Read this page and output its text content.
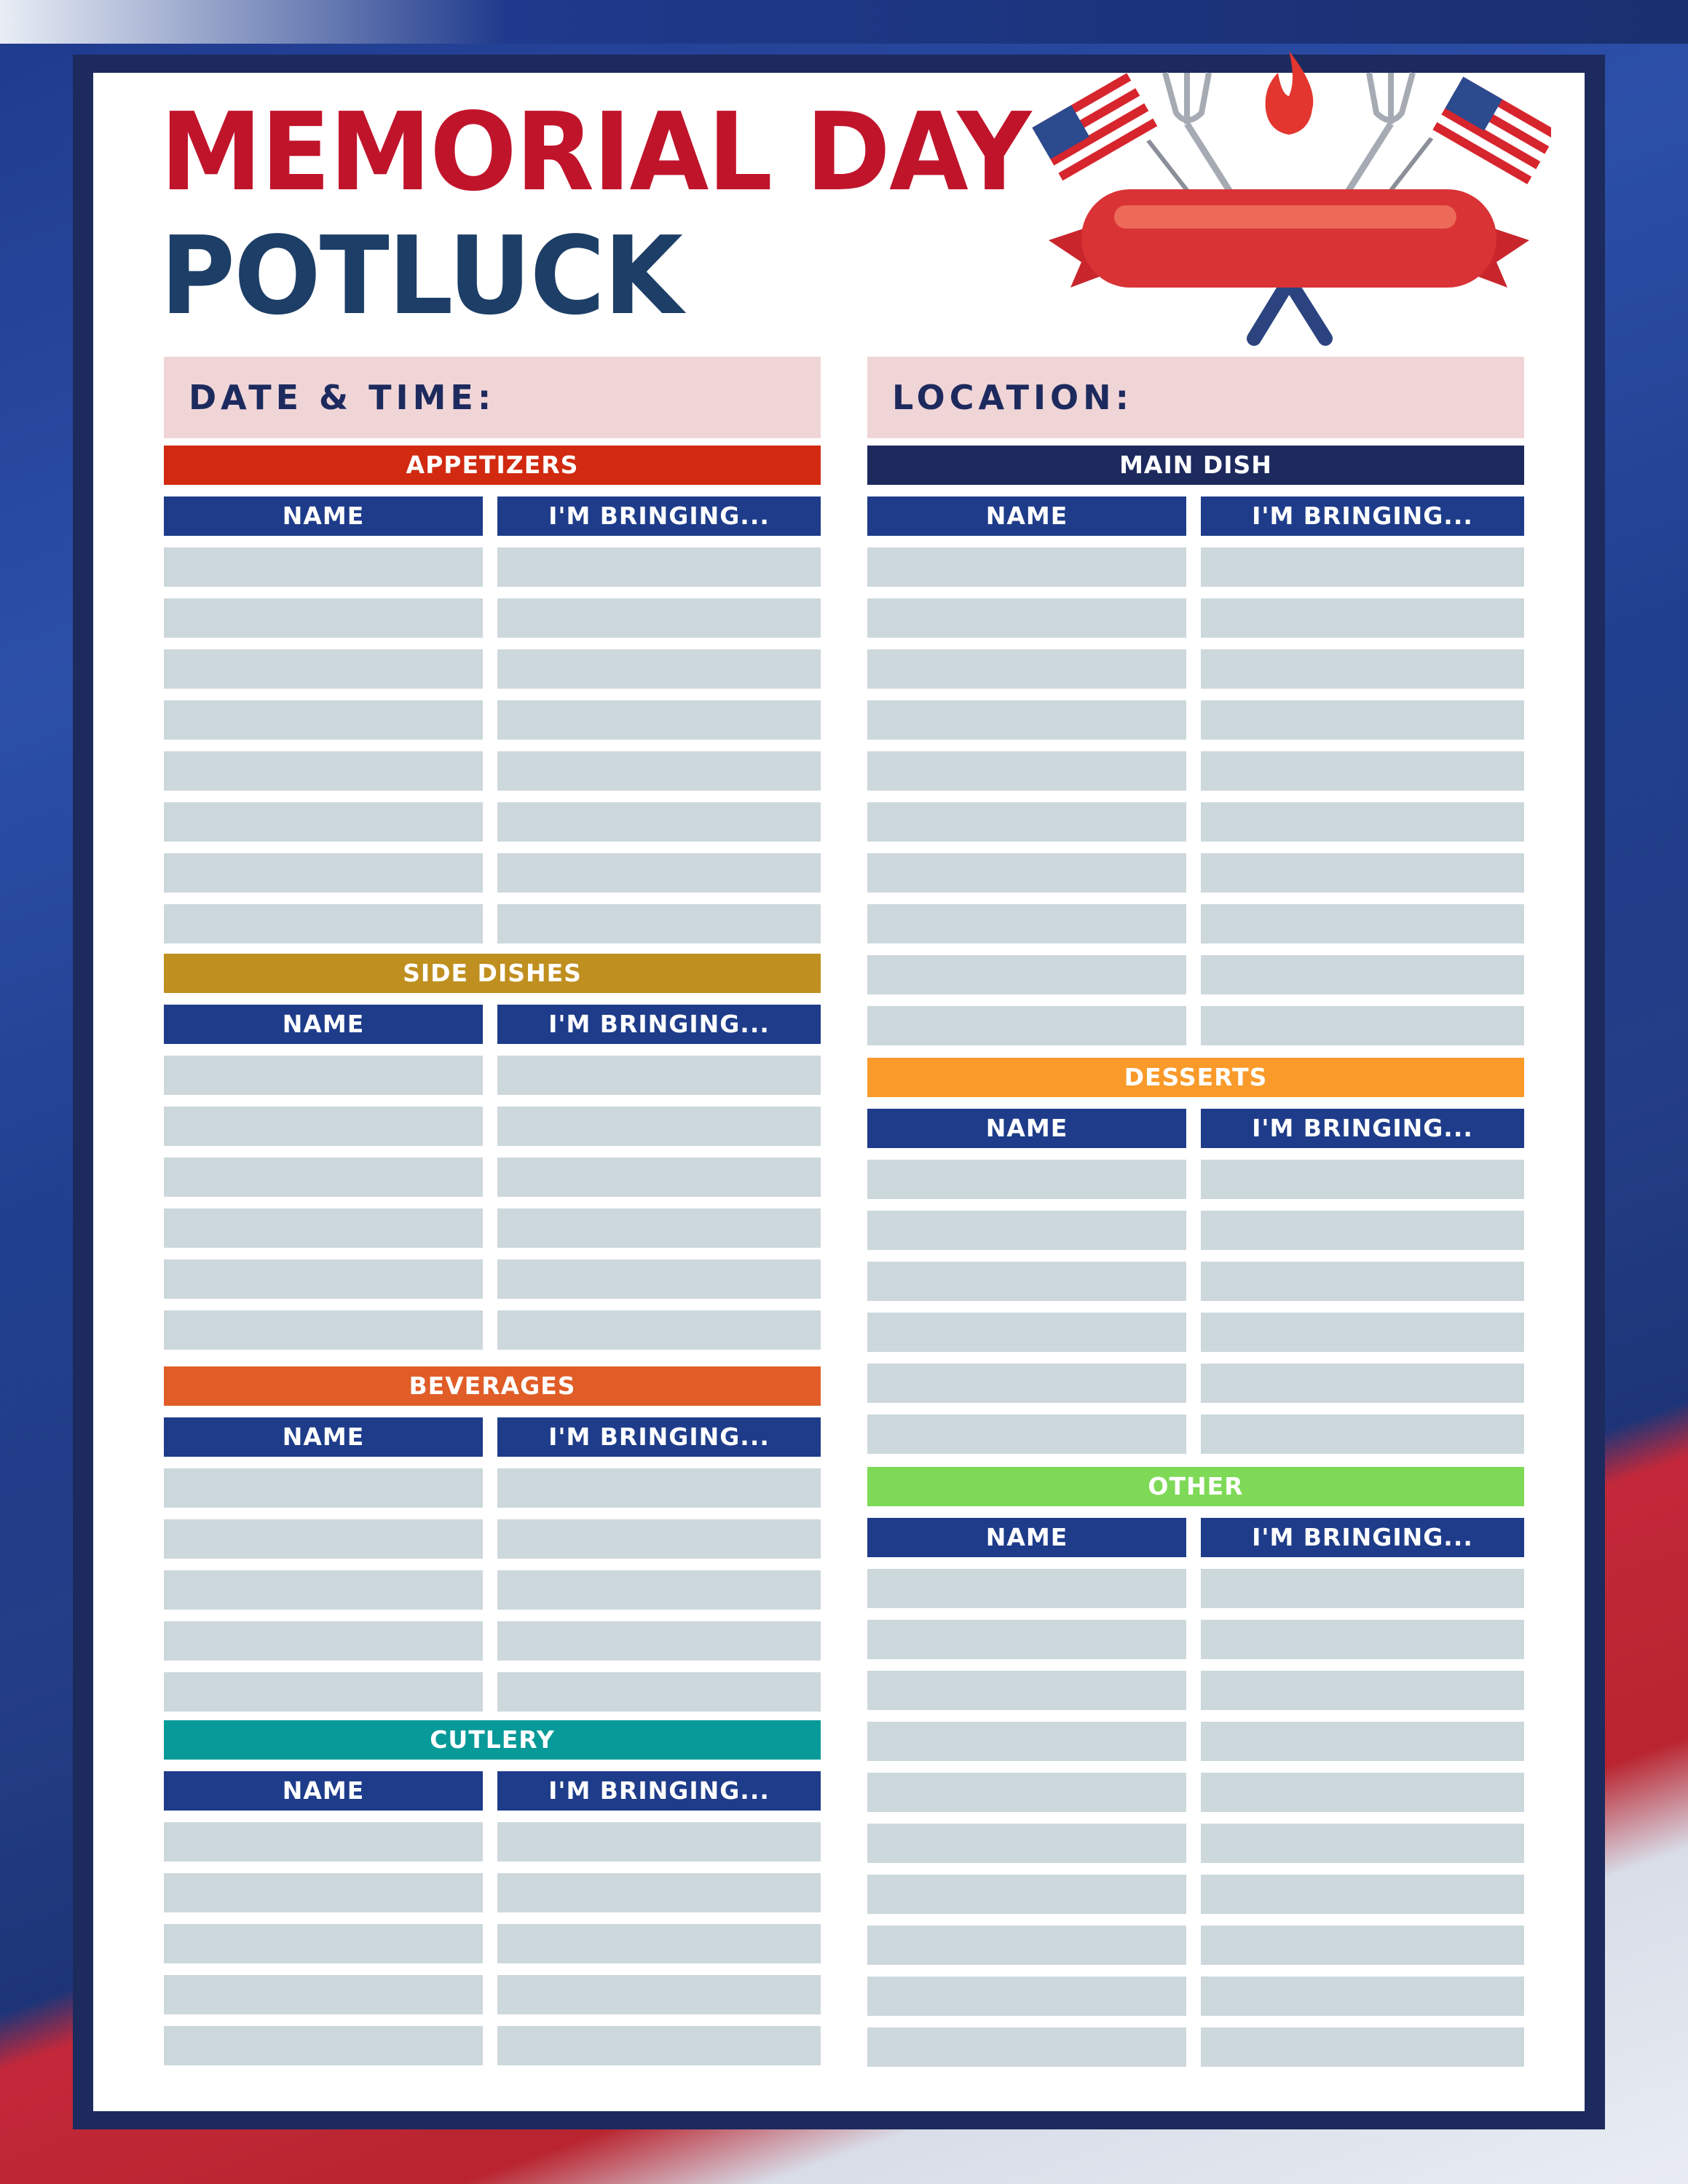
MEMORIAL DAY
POTLUCK
DATE & TIME:	LOCATION:
APPETIZERS
NAME	I'M BRINGING...
SIDE DISHES
NAME	I'M BRINGING...
BEVERAGES
NAME	I'M BRINGING...
CUTLERY
NAME	I'M BRINGING...
MAIN DISH
NAME	I'M BRINGING...
DESSERTS
NAME	I'M BRINGING...
OTHER
NAME	I'M BRINGING...
